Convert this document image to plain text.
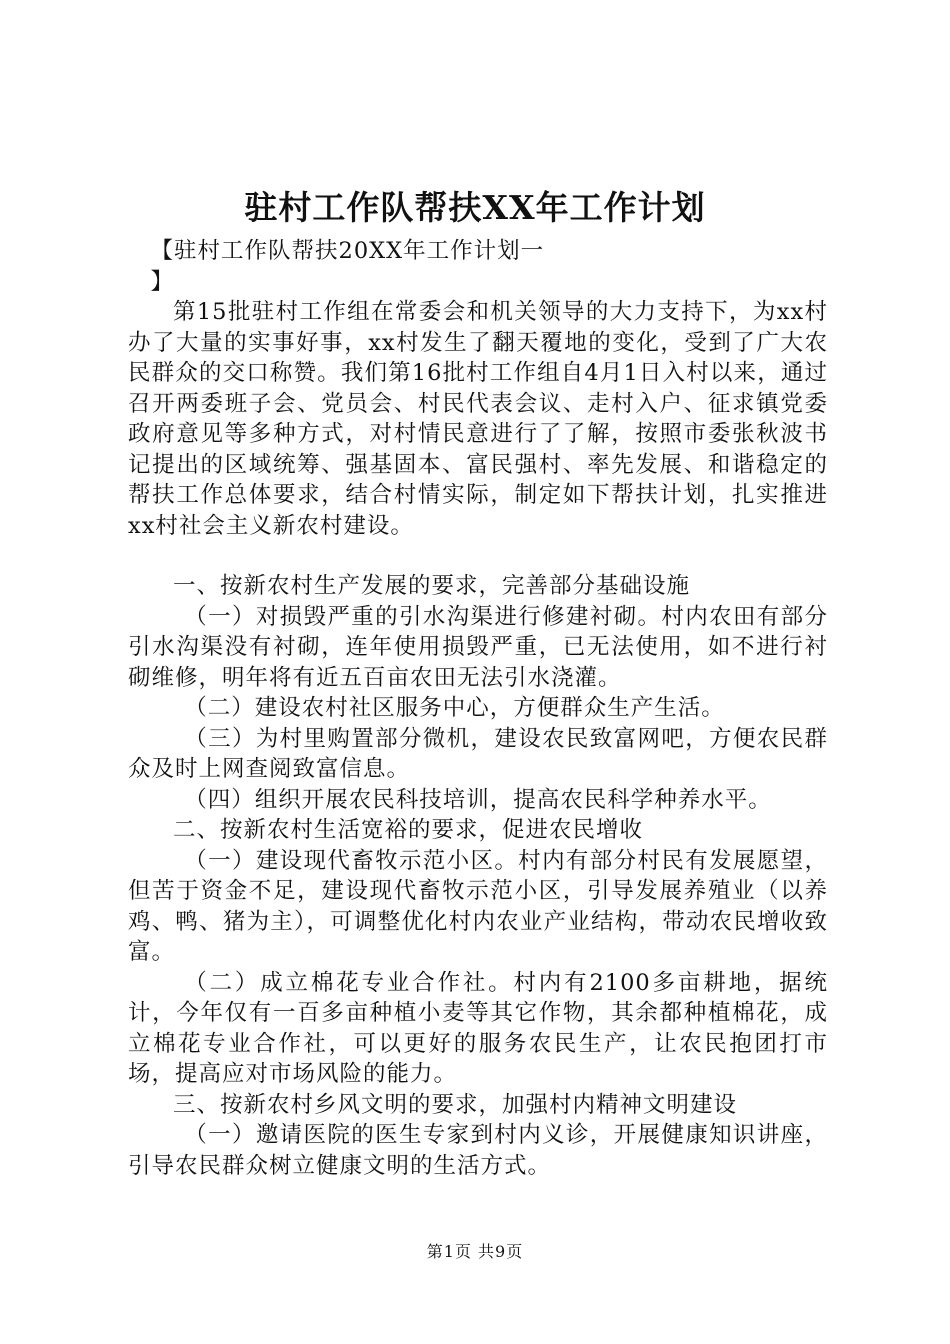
驻村工作队帮扶XX年工作计划

【驻村工作队帮扶20XX年工作计划一

】

第15批驻村工作组在常委会和机关领导的大力支持下，为xx村办了大量的实事好事，xx村发生了翻天覆地的变化，受到了广大农民群众的交口称赞。我们第16批村工作组自4月1日入村以来，通过召开两委班子会、党员会、村民代表会议、走村入户、征求镇党委政府意见等多种方式，对村情民意进行了了解，按照市委张秋波书记提出的区域统筹、强基固本、富民强村、率先发展、和谐稳定的帮扶工作总体要求，结合村情实际，制定如下帮扶计划，扎实推进xx村社会主义新农村建设。

一、按新农村生产发展的要求，完善部分基础设施

（一）对损毁严重的引水沟渠进行修建衬砌。村内农田有部分引水沟渠没有衬砌，连年使用损毁严重，已无法使用，如不进行衬砌维修，明年将有近五百亩农田无法引水浇灌。

（二）建设农村社区服务中心，方便群众生产生活。

（三）为村里购置部分微机，建设农民致富网吧，方便农民群众及时上网查阅致富信息。

（四）组织开展农民科技培训，提高农民科学种养水平。

二、按新农村生活宽裕的要求，促进农民增收

（一）建设现代畜牧示范小区。村内有部分村民有发展愿望，但苦于资金不足，建设现代畜牧示范小区，引导发展养殖业（以养鸡、鸭、猪为主），可调整优化村内农业产业结构，带动农民增收致富。

（二）成立棉花专业合作社。村内有2100多亩耕地，据统计，今年仅有一百多亩种植小麦等其它作物，其余都种植棉花，成立棉花专业合作社，可以更好的服务农民生产，让农民抱团打市场，提高应对市场风险的能力。

三、按新农村乡风文明的要求，加强村内精神文明建设

（一）邀请医院的医生专家到村内义诊，开展健康知识讲座，引导农民群众树立健康文明的生活方式。

第1页 共9页
